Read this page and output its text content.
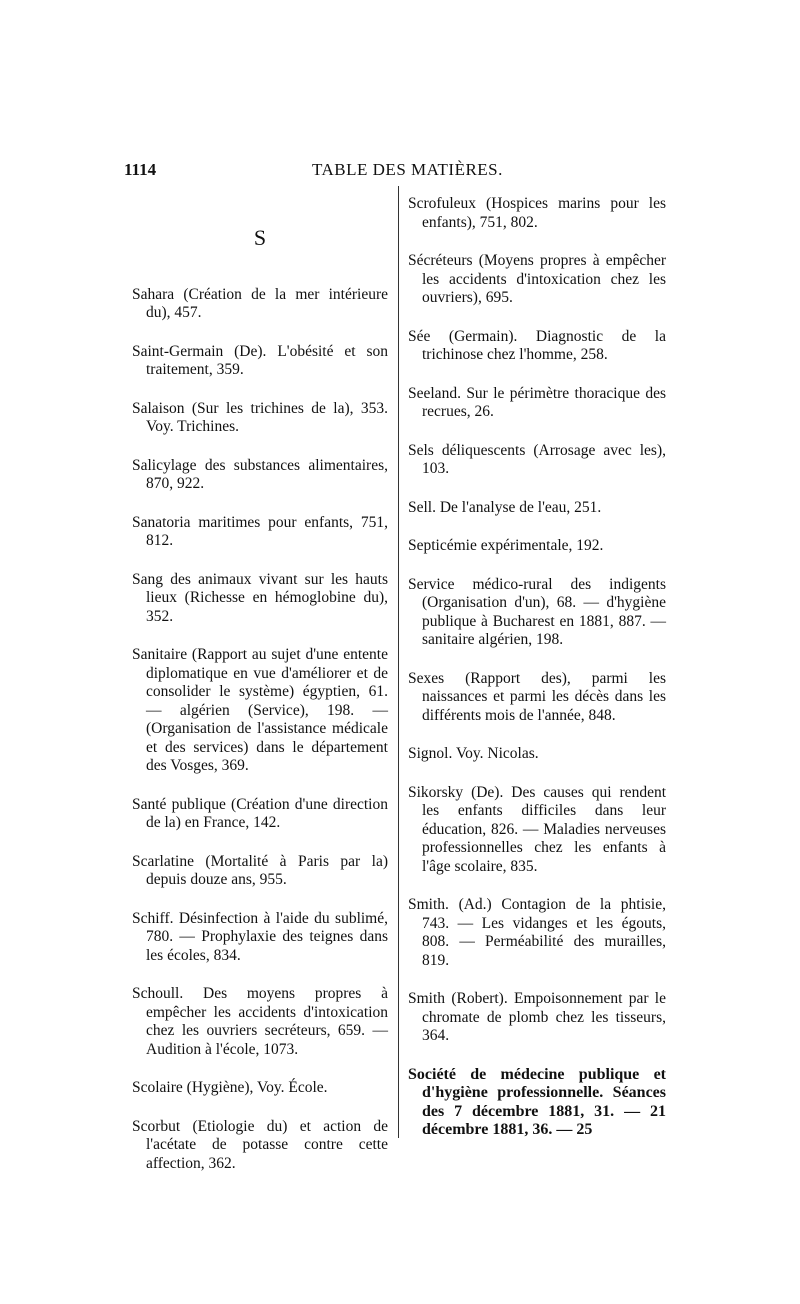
1114	TABLE DES MATIÈRES.
S

Sahara (Création de la mer intérieure du), 457.

Saint-Germain (De). L'obésité et son traitement, 359.

Salaison (Sur les trichines de la), 353. Voy. Trichines.

Salicylage des substances alimentaires, 870, 922.

Sanatoria maritimes pour enfants, 751, 812.

Sang des animaux vivant sur les hauts lieux (Richesse en hémoglobine du), 352.

Sanitaire (Rapport au sujet d'une entente diplomatique en vue d'améliorer et de consolider le système) égyptien, 61. — algérien (Service), 198. — (Organisation de l'assistance médicale et des services) dans le département des Vosges, 369.

Santé publique (Création d'une direction de la) en France, 142.

Scarlatine (Mortalité à Paris par la) depuis douze ans, 955.

Schiff. Désinfection à l'aide du sublimé, 780. — Prophylaxie des teignes dans les écoles, 834.

Schoull. Des moyens propres à empêcher les accidents d'intoxication chez les ouvriers secréteurs, 659. — Audition à l'école, 1073.

Scolaire (Hygiène), Voy. École.

Scorbut (Etiologie du) et action de l'acétate de potasse contre cette affection, 362.

Scrofuleux (Hospices marins pour les enfants), 751, 802.

Sécréteurs (Moyens propres à empêcher les accidents d'intoxication chez les ouvriers), 695.

Sée (Germain). Diagnostic de la trichinose chez l'homme, 258.

Seeland. Sur le périmètre thoracique des recrues, 26.

Sels déliquescents (Arrosage avec les), 103.

Sell. De l'analyse de l'eau, 251.

Septicémie expérimentale, 192.

Service médico-rural des indigents (Organisation d'un), 68. — d'hygiène publique à Bucharest en 1881, 887. — sanitaire algérien, 198.

Sexes (Rapport des), parmi les naissances et parmi les décès dans les différents mois de l'année, 848.

Signol. Voy. Nicolas.

Sikorsky (De). Des causes qui rendent les enfants difficiles dans leur éducation, 826. — Maladies nerveuses professionnelles chez les enfants à l'âge scolaire, 835.

Smith. (Ad.) Contagion de la phtisie, 743. — Les vidanges et les égouts, 808. — Perméabilité des murailles, 819.

Smith (Robert). Empoisonnement par le chromate de plomb chez les tisseurs, 364.

Société de médecine publique et d'hygiène professionnelle. Séances des 7 décembre 1881, 31. — 21 décembre 1881, 36. — 25
